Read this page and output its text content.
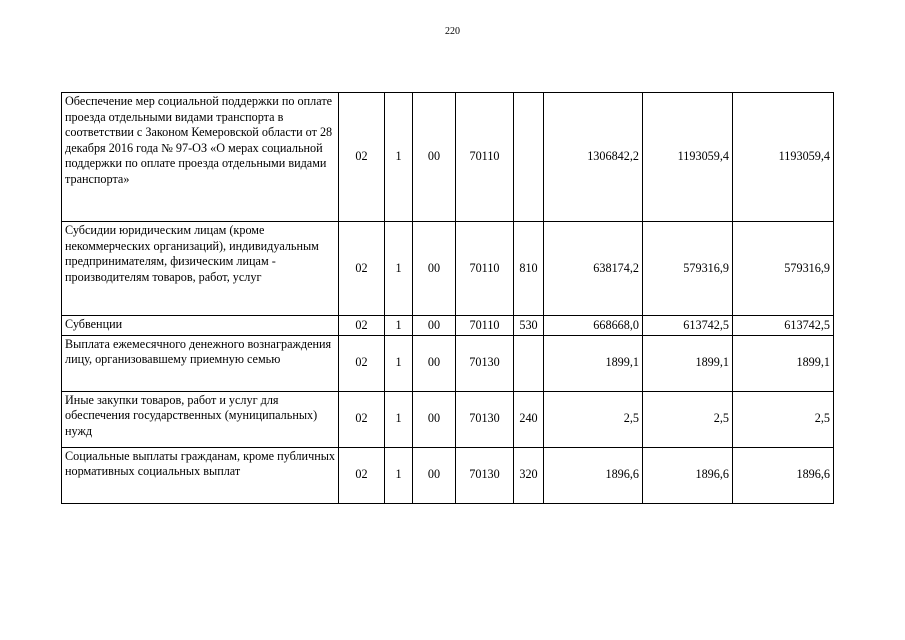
220
Обеспечение мер социальной поддержки по оплате проезда отдельными видами транспорта в соответствии с Законом Кемеровской области от 28 декабря 2016 года № 97-ОЗ «О мерах социальной поддержки по оплате проезда отдельными видами транспорта»	02	1	00	70110		1306842,2	1193059,4	1193059,4
Субсидии юридическим лицам (кроме некоммерческих организаций), индивидуальным предпринимателям, физическим лицам - производителям товаров, работ, услуг	02	1	00	70110	810	638174,2	579316,9	579316,9
Субвенции	02	1	00	70110	530	668668,0	613742,5	613742,5
Выплата ежемесячного денежного вознаграждения лицу, организовавшему приемную семью	02	1	00	70130		1899,1	1899,1	1899,1
Иные закупки товаров, работ и услуг для обеспечения государственных (муниципальных) нужд	02	1	00	70130	240	2,5	2,5	2,5
Социальные выплаты гражданам, кроме публичных нормативных социальных выплат	02	1	00	70130	320	1896,6	1896,6	1896,6
